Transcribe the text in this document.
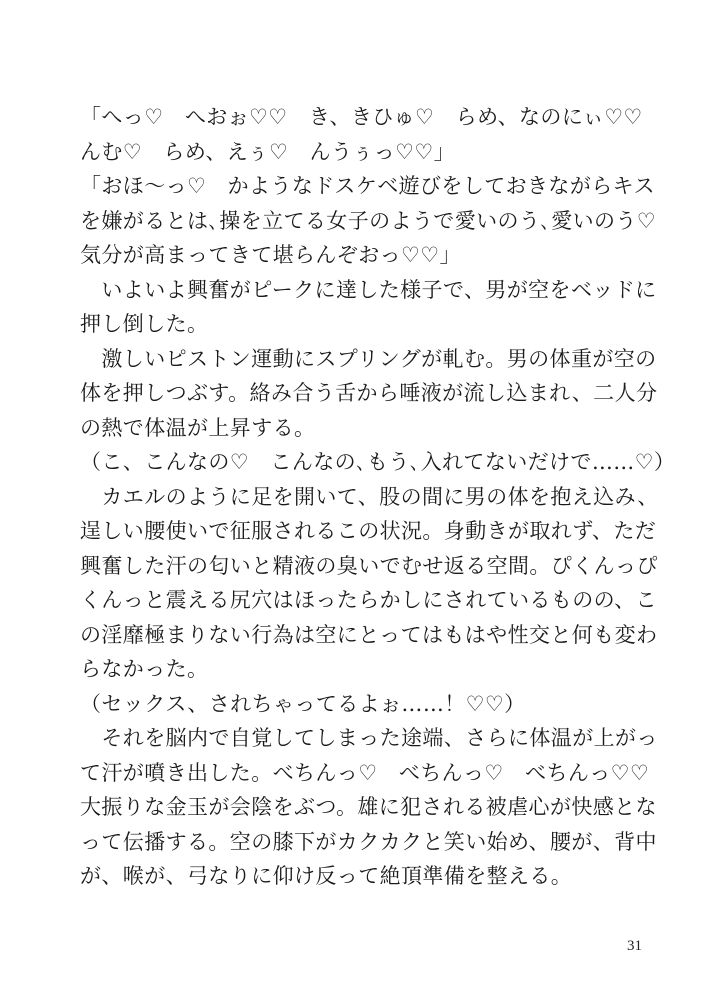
「へっ♡　へおぉ♡♡　き、きひゅ♡　らめ、なのにぃ♡♡
んむ♡　らめ、えぅ♡　んうぅっ♡♡」
「おほ〜っ♡　かようなドスケベ遊びをしておきながらキス
を嫌がるとは､操を立てる女子のようで愛いのう､愛いのう♡
気分が高まってきて堪らんぞおっ♡♡」
　いよいよ興奮がピークに達した様子で、男が空をベッドに
押し倒した。
　激しいピストン運動にスプリングが軋む。男の体重が空の
体を押しつぶす。絡み合う舌から唾液が流し込まれ、二人分
の熱で体温が上昇する。
（こ、こんなの♡　こんなの､もう､入れてないだけで……♡）
　カエルのように足を開いて、股の間に男の体を抱え込み、
逞しい腰使いで征服されるこの状況。身動きが取れず、ただ
興奮した汗の匂いと精液の臭いでむせ返る空間。ぴくんっぴ
くんっと震える尻穴はほったらかしにされているものの、こ
の淫靡極まりない行為は空にとってはもはや性交と何も変わ
らなかった。
（セックス、されちゃってるよぉ……！♡♡）
　それを脳内で自覚してしまった途端、さらに体温が上がっ
て汗が噴き出した。べちんっ♡　べちんっ♡　べちんっ♡♡
大振りな金玉が会陰をぶつ。雄に犯される被虐心が快感とな
って伝播する。空の膝下がカクカクと笑い始め、腰が、背中
が、喉が、弓なりに仰け反って絶頂準備を整える。
31
